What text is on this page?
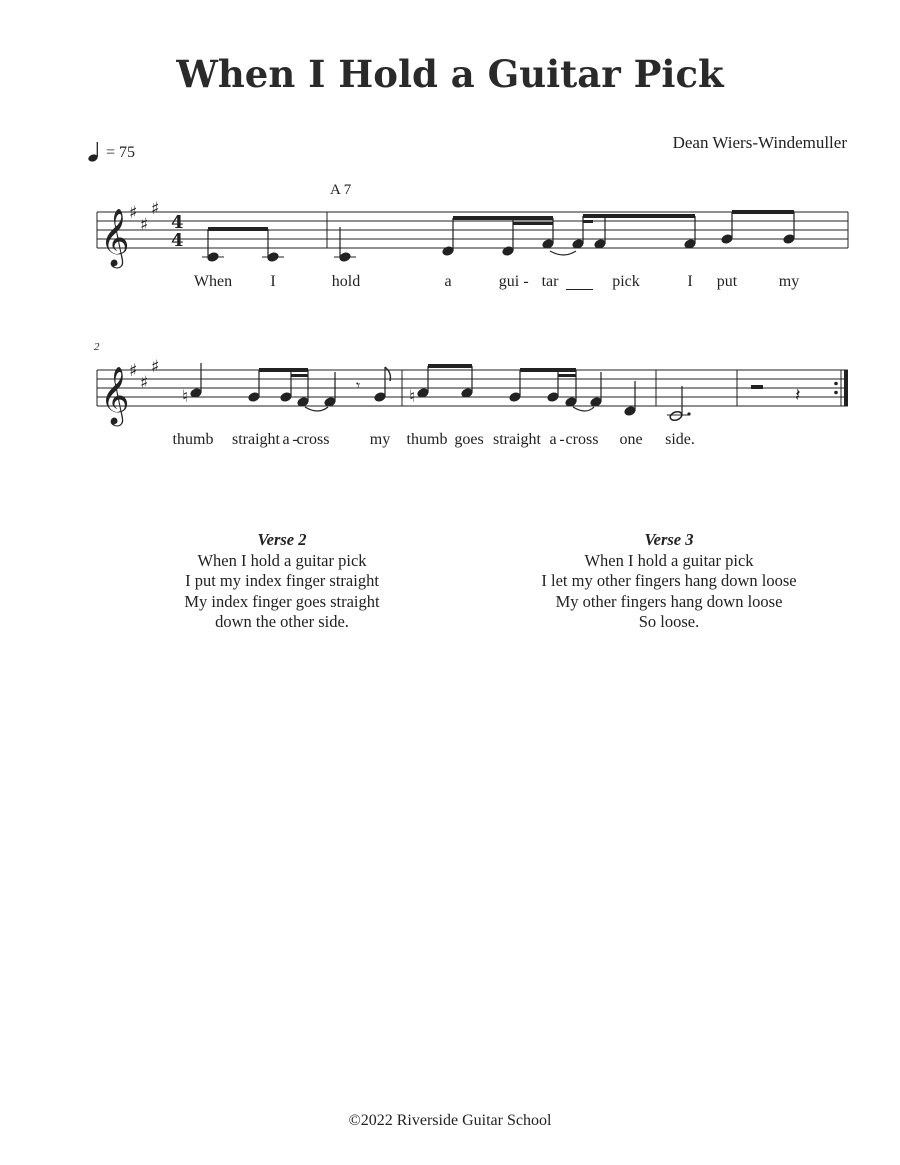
When I Hold a Guitar Pick
Dean Wiers-Windemuller
= 75
A 7
2
𝄞
𝄞
♯
♯
♯
♯
♯
♯
4
4
♮
𝄾
♮	𝄽
When I	hold	a	gui - tar	pick	I put	my
thumb straight a -
cross	my thumb goes straight a - cross one side.
Verse 2
When I hold a guitar pick
I put my index finger straight
My index finger goes straight
down the other side.
Verse 3
When I hold a guitar pick
I let my other fingers hang down loose
My other fingers hang down loose
So loose.
©2022 Riverside Guitar School
